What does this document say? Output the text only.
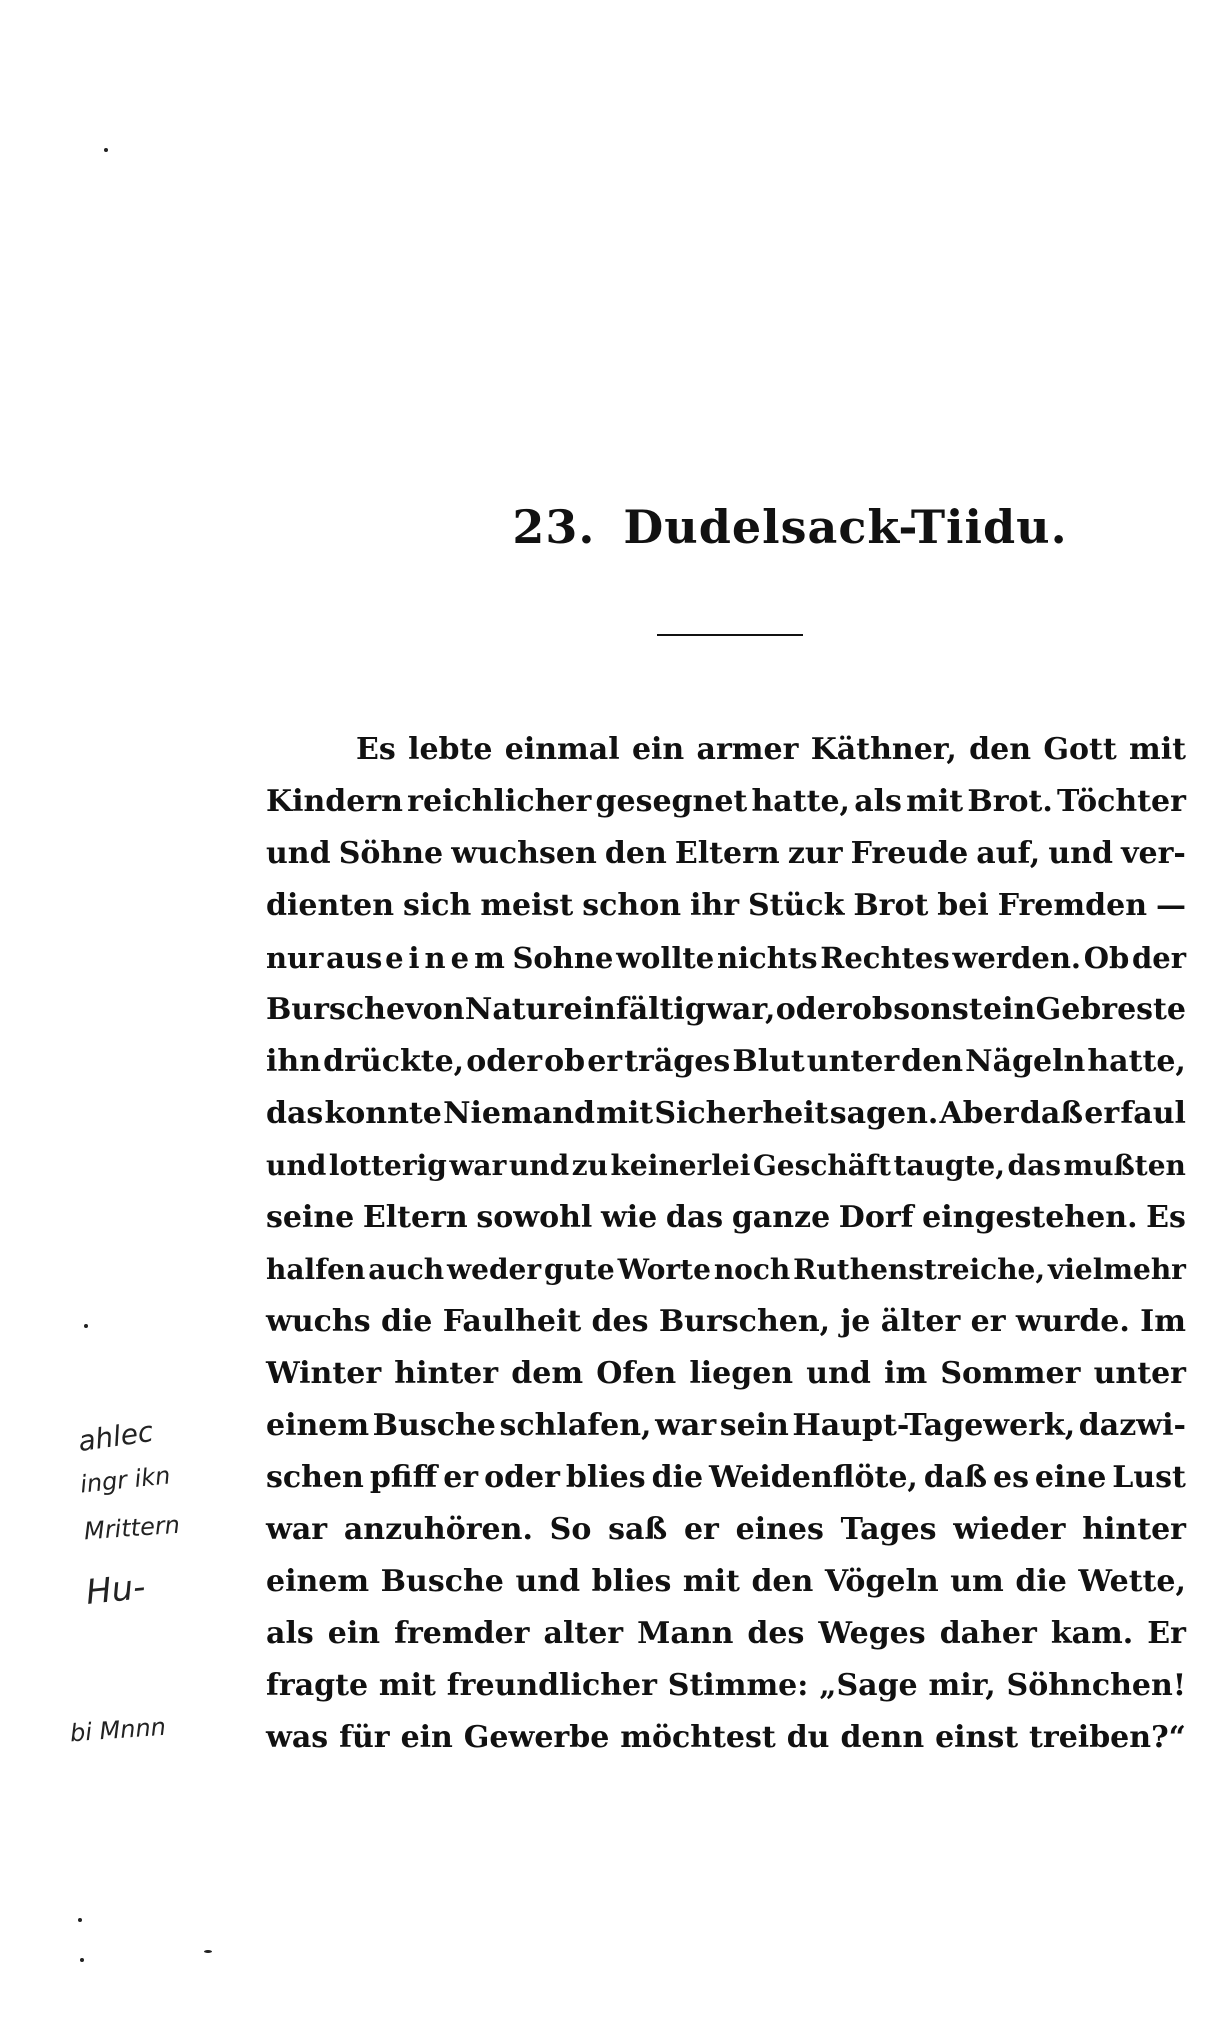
23. Dudelsack-Tiidu.
Es lebte einmal ein armer Käthner, den Gott mit
Kindern reichlicher gesegnet hatte, als mit Brot. Töchter
und Söhne wuchsen den Eltern zur Freude auf, und ver-
dienten sich meist schon ihr Stück Brot bei Fremden —
nur aus einem Sohne wollte nichts Rechtes werden. Ob der
Bursche von Natur einfältig war, oder ob sonst ein Gebreste
ihn drückte, oder ob er träges Blut unter den Nägeln hatte,
das konnte Niemand mit Sicherheit sagen. Aber daß er faul
und lotterig war und zu keinerlei Geschäft taugte, das mußten
seine Eltern sowohl wie das ganze Dorf eingestehen. Es
halfen auch weder gute Worte noch Ruthenstreiche, vielmehr
wuchs die Faulheit des Burschen, je älter er wurde. Im
Winter hinter dem Ofen liegen und im Sommer unter
einem Busche schlafen, war sein Haupt-Tagewerk, dazwi-
schen pfiff er oder blies die Weidenflöte, daß es eine Lust
war anzuhören. So saß er eines Tages wieder hinter
einem Busche und blies mit den Vögeln um die Wette,
als ein fremder alter Mann des Weges daher kam. Er
fragte mit freundlicher Stimme: „Sage mir, Söhnchen!
was für ein Gewerbe möchtest du denn einst treiben?“
ahlec
ingr ikn
Mrittern
Hu-
bi Mnnn
